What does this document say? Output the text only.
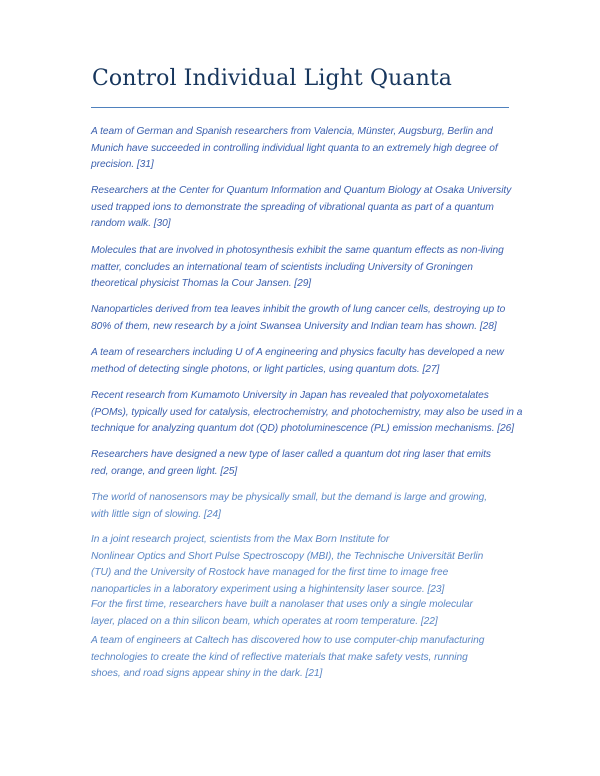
Control Individual Light Quanta

A team of German and Spanish researchers from Valencia, Münster, Augsburg, Berlin and
Munich have succeeded in controlling individual light quanta to an extremely high degree of
precision. [31]

Researchers at the Center for Quantum Information and Quantum Biology at Osaka University
used trapped ions to demonstrate the spreading of vibrational quanta as part of a quantum
random walk. [30]

Molecules that are involved in photosynthesis exhibit the same quantum effects as non-living
matter, concludes an international team of scientists including University of Groningen
theoretical physicist Thomas la Cour Jansen. [29]

Nanoparticles derived from tea leaves inhibit the growth of lung cancer cells, destroying up to
80% of them, new research by a joint Swansea University and Indian team has shown. [28]

A team of researchers including U of A engineering and physics faculty has developed a new
method of detecting single photons, or light particles, using quantum dots. [27]

Recent research from Kumamoto University in Japan has revealed that polyoxometalates
(POMs), typically used for catalysis, electrochemistry, and photochemistry, may also be used in a
technique for analyzing quantum dot (QD) photoluminescence (PL) emission mechanisms. [26]

Researchers have designed a new type of laser called a quantum dot ring laser that emits
red, orange, and green light. [25]

The world of nanosensors may be physically small, but the demand is large and growing,
with little sign of slowing. [24]

In a joint research project, scientists from the Max Born Institute for
Nonlinear Optics and Short Pulse Spectroscopy (MBI), the Technische Universität Berlin
(TU) and the University of Rostock have managed for the first time to image free
nanoparticles in a laboratory experiment using a highintensity laser source. [23]

For the first time, researchers have built a nanolaser that uses only a single molecular
layer, placed on a thin silicon beam, which operates at room temperature. [22]

A team of engineers at Caltech has discovered how to use computer-chip manufacturing
technologies to create the kind of reflective materials that make safety vests, running
shoes, and road signs appear shiny in the dark. [21]
